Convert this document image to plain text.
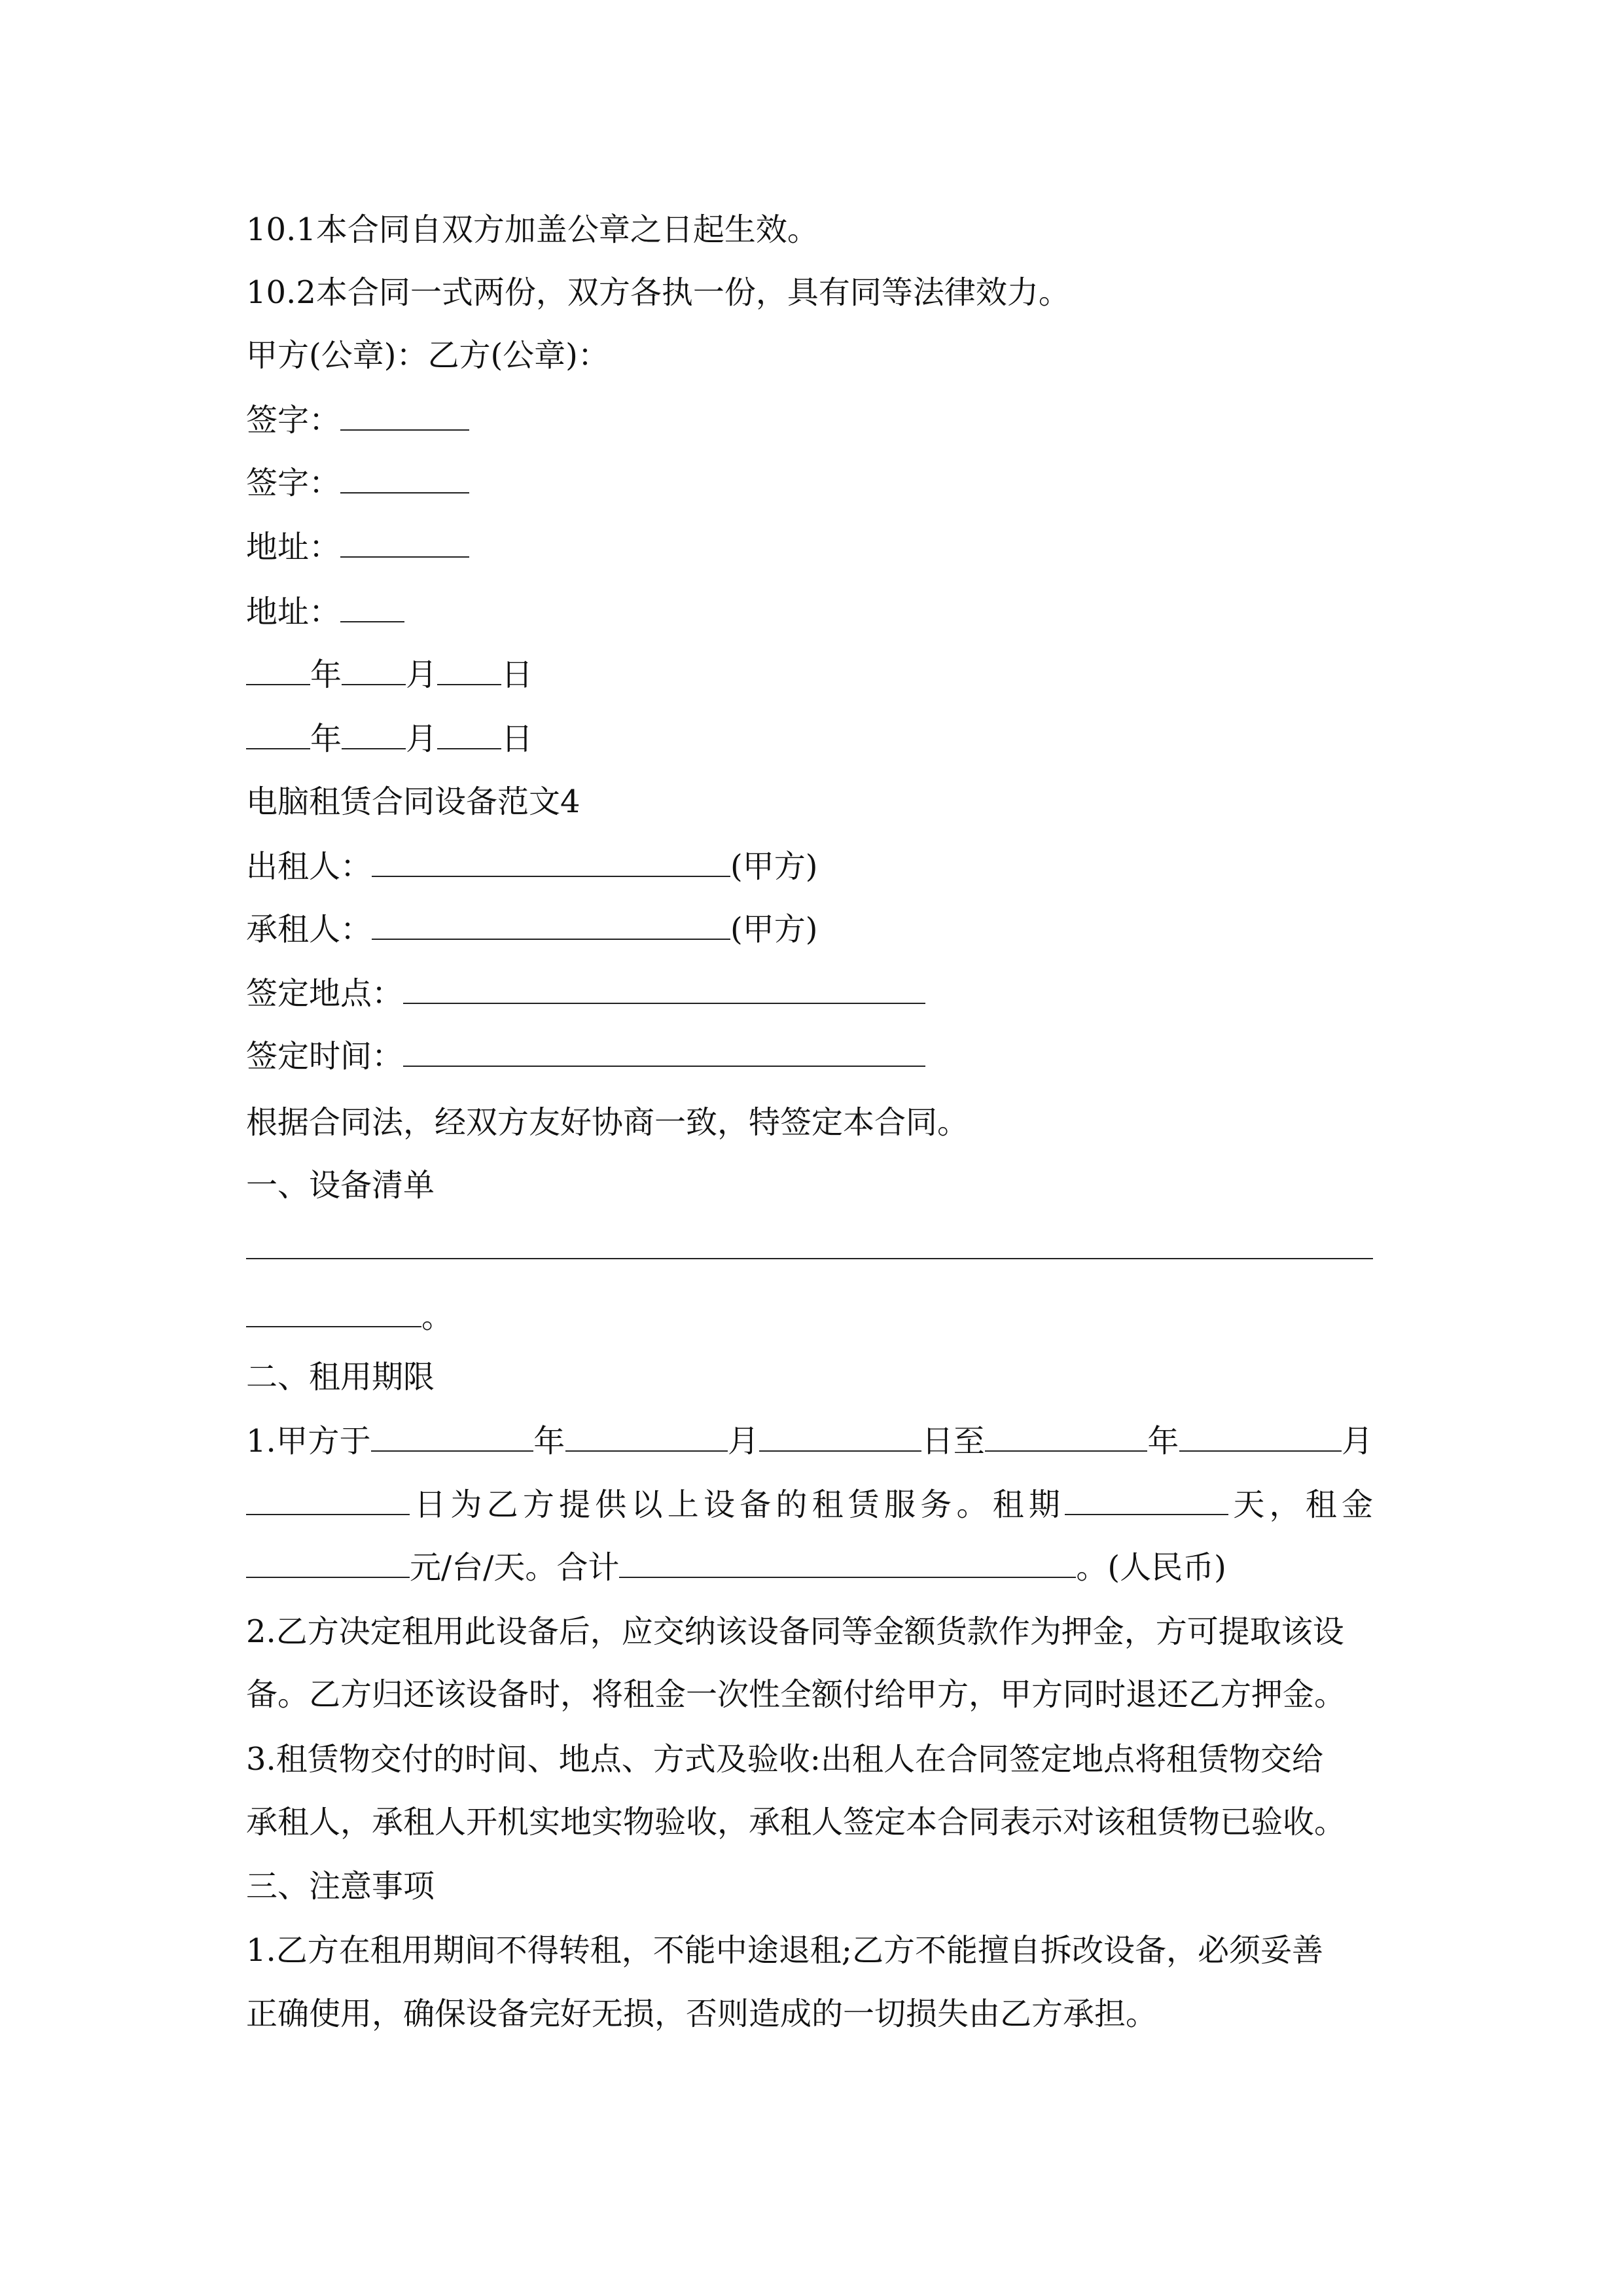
10.1本合同自双方加盖公章之日起生效。
10.2本合同一式两份，双方各执一份，具有同等法律效力。
甲方(公章)：乙方(公章)：
签字：
签字：
地址：
地址：
年 月 日
年 月 日
电脑租赁合同设备范文4
出租人：	(甲方)
承租人：	(甲方)
签定地点：
签定时间：
根据合同法，经双方友好协商一致，特签定本合同。
一、设备清单
。
二、租用期限
1.甲方于	年	月	日至	年	月
日为乙方提供以上设备的租赁服务。租期	天，租金
元/台/天。合计	。(人民币)
2.乙方决定租用此设备后，应交纳该设备同等金额货款作为押金，方可提取该设
备。乙方归还该设备时，将租金一次性全额付给甲方，甲方同时退还乙方押金。
3.租赁物交付的时间、地点、方式及验收:出租人在合同签定地点将租赁物交给
承租人，承租人开机实地实物验收，承租人签定本合同表示对该租赁物已验收。
三、注意事项
1.乙方在租用期间不得转租，不能中途退租;乙方不能擅自拆改设备，必须妥善
正确使用，确保设备完好无损，否则造成的一切损失由乙方承担。
